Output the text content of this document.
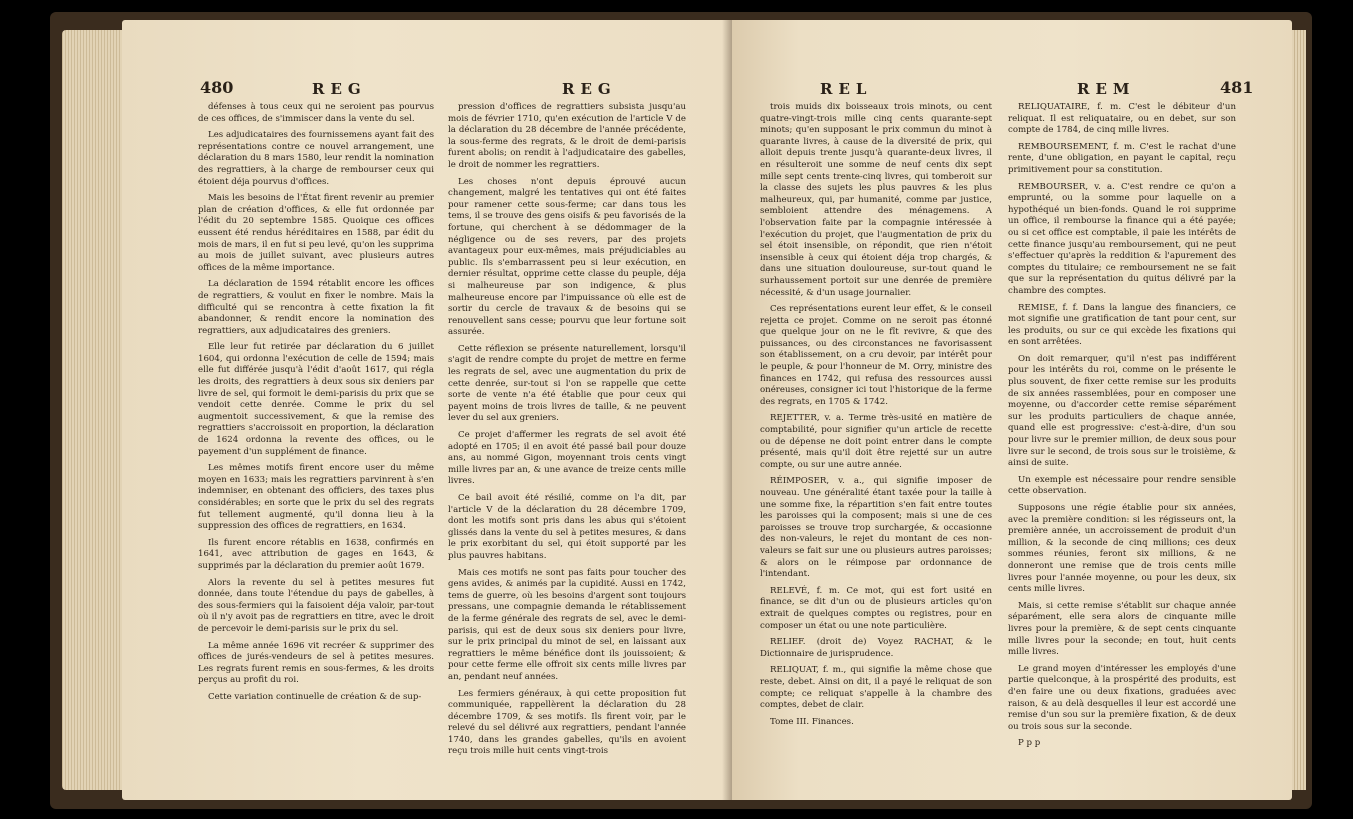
480	REG	REG

défenses à tous ceux qui ne seroient pas pourvus de ces offices, de s'immiscer dans la vente du sel.

Les adjudicataires des fournissemens ayant fait des représentations contre ce nouvel arrangement, une déclaration du 8 mars 1580, leur rendit la nomination des regrattiers, à la charge de rembourser ceux qui étoient déja pourvus d'offices.

Mais les besoins de l'État firent revenir au premier plan de création d'offices, & elle fut ordonnée par l'édit du 20 septembre 1585. Quoique ces offices eussent été rendus héréditaires en 1588, par édit du mois de mars, il en fut si peu levé, qu'on les supprima au mois de juillet suivant, avec plusieurs autres offices de la même importance.

La déclaration de 1594 rétablit encore les offices de regrattiers, & voulut en fixer le nombre. Mais la difficulté qui se rencontra à cette fixation la fit abandonner, & rendit encore la nomination des regrattiers, aux adjudicataires des greniers.

Elle leur fut retirée par déclaration du 6 juillet 1604, qui ordonna l'exécution de celle de 1594; mais elle fut différée jusqu'à l'édit d'août 1617, qui régla les droits, des regrattiers à deux sous six deniers par livre de sel, qui formoit le demi-parisis du prix que se vendoit cette denrée. Comme le prix du sel augmentoit successivement, & que la remise des regrattiers s'accroissoit en proportion, la déclaration de 1624 ordonna la revente des offices, ou le payement d'un supplément de finance.

Les mêmes motifs firent encore user du même moyen en 1633; mais les regrattiers parvinrent à s'en indemniser, en obtenant des officiers, des taxes plus considérables; en sorte que le prix du sel des regrats fut tellement augmenté, qu'il donna lieu à la suppression des offices de regrattiers, en 1634.

Ils furent encore rétablis en 1638, confirmés en 1641, avec attribution de gages en 1643, & supprimés par la déclaration du premier août 1679.

Alors la revente du sel à petites mesures fut donnée, dans toute l'étendue du pays de gabelles, à des sous-fermiers qui la faisoient déja valoir, par-tout où il n'y avoit pas de regrattiers en titre, avec le droit de percevoir le demi-parisis sur le prix du sel.

La même année 1696 vit recréer & supprimer des offices de jurés-vendeurs de sel à petites mesures. Les regrats furent remis en sous-fermes, & les droits perçus au profit du roi.

Cette variation continuelle de création & de sup-

pression d'offices de regrattiers subsista jusqu'au mois de février 1710, qu'en exécution de l'article V de la déclaration du 28 décembre de l'année précédente, la sous-ferme des regrats, & le droit de demi-parisis furent abolis; on rendit à l'adjudicataire des gabelles, le droit de nommer les regrattiers.

Les choses n'ont depuis éprouvé aucun changement, malgré les tentatives qui ont été faites pour ramener cette sous-ferme; car dans tous les tems, il se trouve des gens oisifs & peu favorisés de la fortune, qui cherchent à se dédommager de la négligence ou de ses revers, par des projets avantageux pour eux-mêmes, mais préjudiciables au public. Ils s'embarrassent peu si leur exécution, en dernier résultat, opprime cette classe du peuple, déja si malheureuse par son indigence, & plus malheureuse encore par l'impuissance où elle est de sortir du cercle de travaux & de besoins qui se renouvellent sans cesse; pourvu que leur fortune soit assurée.

Cette réflexion se présente naturellement, lorsqu'il s'agit de rendre compte du projet de mettre en ferme les regrats de sel, avec une augmentation du prix de cette denrée, sur-tout si l'on se rappelle que cette sorte de vente n'a été établie que pour ceux qui payent moins de trois livres de taille, & ne peuvent lever du sel aux greniers.

Ce projet d'affermer les regrats de sel avoit été adopté en 1705; il en avoit été passé bail pour douze ans, au nommé Gigon, moyennant trois cents vingt mille livres par an, & une avance de treize cents mille livres.

Ce bail avoit été résilié, comme on l'a dit, par l'article V de la déclaration du 28 décembre 1709, dont les motifs sont pris dans les abus qui s'étoient glissés dans la vente du sel à petites mesures, & dans le prix exorbitant du sel, qui étoit supporté par les plus pauvres habitans.

Mais ces motifs ne sont pas faits pour toucher des gens avides, & animés par la cupidité. Aussi en 1742, tems de guerre, où les besoins d'argent sont toujours pressans, une compagnie demanda le rétablissement de la ferme générale des regrats de sel, avec le demi-parisis, qui est de deux sous six deniers pour livre, sur le prix principal du minot de sel, en laissant aux regrattiers le même bénéfice dont ils jouissoient; & pour cette ferme elle offroit six cents mille livres par an, pendant neuf années.

Les fermiers généraux, à qui cette proposition fut communiquée, rappellèrent la déclaration du 28 décembre 1709, & ses motifs. Ils firent voir, par le relevé du sel délivré aux regrattiers, pendant l'année 1740, dans les grandes gabelles, qu'ils en avoient reçu trois mille huit cents vingt-trois

REL	REM	481

trois muids dix boisseaux trois minots, ou cent quatre-vingt-trois mille cinq cents quarante-sept minots; qu'en supposant le prix commun du minot à quarante livres, à cause de la diversité de prix, qui alloit depuis trente jusqu'à quarante-deux livres, il en résulteroit une somme de neuf cents dix sept mille sept cents trente-cinq livres, qui tomberoit sur la classe des sujets les plus pauvres & les plus malheureux, qui, par humanité, comme par justice, sembloient attendre des ménagemens. A l'observation faite par la compagnie intéressée à l'exécution du projet, que l'augmentation de prix du sel étoit insensible, on répondit, que rien n'étoit insensible à ceux qui étoient déja trop chargés, & dans une situation douloureuse, sur-tout quand le surhaussement portoit sur une denrée de première nécessité, & d'un usage journalier.

Ces représentations eurent leur effet, & le conseil rejetta ce projet. Comme on ne seroit pas étonné que quelque jour on ne le fît revivre, & que des puissances, ou des circonstances ne favorisassent son établissement, on a cru devoir, par intérêt pour le peuple, & pour l'honneur de M. Orry, ministre des finances en 1742, qui refusa des ressources aussi onéreuses, consigner ici tout l'historique de la ferme des regrats, en 1705 & 1742.

REJETTER, v. a. Terme très-usité en matière de comptabilité, pour signifier qu'un article de recette ou de dépense ne doit point entrer dans le compte présenté, mais qu'il doit être rejetté sur un autre compte, ou sur une autre année.

RÉIMPOSER, v. a., qui signifie imposer de nouveau. Une généralité étant taxée pour la taille à une somme fixe, la répartition s'en fait entre toutes les paroisses qui la composent; mais si une de ces paroisses se trouve trop surchargée, & occasionne des non-valeurs, le rejet du montant de ces non-valeurs se fait sur une ou plusieurs autres paroisses; & alors on le réimpose par ordonnance de l'intendant.

RELEVÉ, f. m. Ce mot, qui est fort usité en finance, se dit d'un ou de plusieurs articles qu'on extrait de quelques comptes ou registres, pour en composer un état ou une note particulière.

RELIEF. (droit de) Voyez RACHAT, & le Dictionnaire de jurisprudence.

RELIQUAT, f. m., qui signifie la même chose que reste, debet. Ainsi on dit, il a payé le reliquat de son compte; ce reliquat s'appelle à la chambre des comptes, debet de clair.

Tome III. Finances.

RELIQUATAIRE, f. m. C'est le débiteur d'un reliquat. Il est reliquataire, ou en debet, sur son compte de 1784, de cinq mille livres.

REMBOURSEMENT, f. m. C'est le rachat d'une rente, d'une obligation, en payant le capital, reçu primitivement pour sa constitution.

REMBOURSER, v. a. C'est rendre ce qu'on a emprunté, ou la somme pour laquelle on a hypothéqué un bien-fonds. Quand le roi supprime un office, il rembourse la finance qui a été payée; ou si cet office est comptable, il paie les intérêts de cette finance jusqu'au remboursement, qui ne peut s'effectuer qu'après la reddition & l'apurement des comptes du titulaire; ce remboursement ne se fait que sur la représentation du quitus délivré par la chambre des comptes.

REMISE, f. f. Dans la langue des financiers, ce mot signifie une gratification de tant pour cent, sur les produits, ou sur ce qui excède les fixations qui en sont arrêtées.

On doit remarquer, qu'il n'est pas indifférent pour les intérêts du roi, comme on le présente le plus souvent, de fixer cette remise sur les produits de six années rassemblées, pour en composer une moyenne, ou d'accorder cette remise séparément sur les produits particuliers de chaque année, quand elle est progressive: c'est-à-dire, d'un sou pour livre sur le premier million, de deux sous pour livre sur le second, de trois sous sur le troisième, & ainsi de suite.

Un exemple est nécessaire pour rendre sensible cette observation.

Supposons une régie établie pour six années, avec la première condition: si les régisseurs ont, la première année, un accroissement de produit d'un million, & la seconde de cinq millions; ces deux sommes réunies, feront six millions, & ne donneront une remise que de trois cents mille livres pour l'année moyenne, ou pour les deux, six cents mille livres.

Mais, si cette remise s'établit sur chaque année séparément, elle sera alors de cinquante mille livres pour la première, & de sept cents cinquante mille livres pour la seconde; en tout, huit cents mille livres.

Le grand moyen d'intéresser les employés d'une partie quelconque, à la prospérité des produits, est d'en faire une ou deux fixations, graduées avec raison, & au delà desquelles il leur est accordé une remise d'un sou sur la première fixation, & de deux ou trois sous sur la seconde.

P p p
